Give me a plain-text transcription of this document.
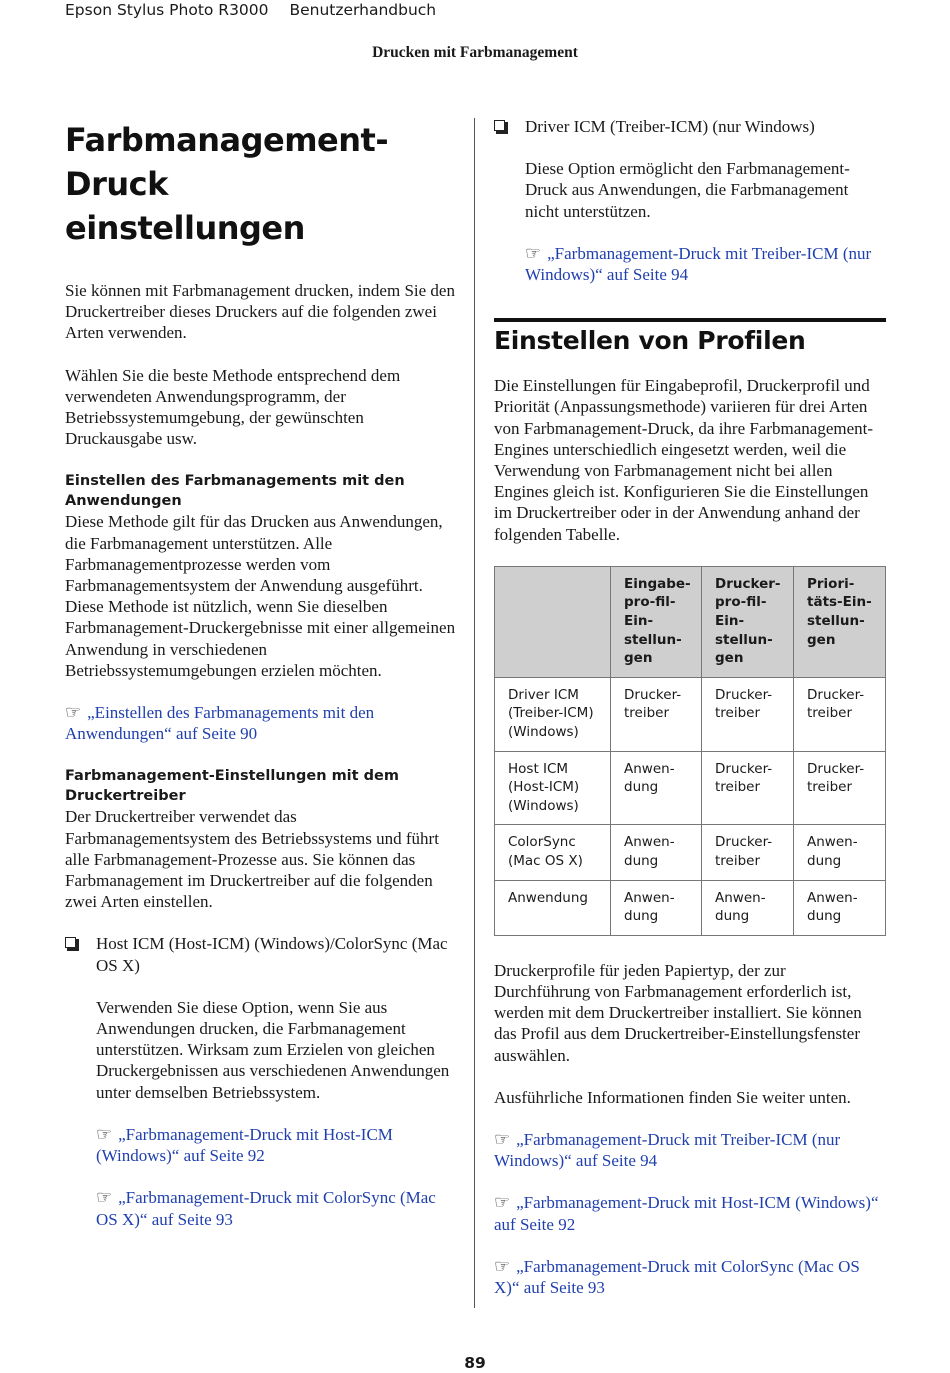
Epson Stylus Photo R3000 Benutzerhandbuch
Drucken mit Farbmanagement
Farbmanagement-Druck
einstellungen

Sie können mit Farbmanagement drucken, indem Sie den Druckertreiber dieses Druckers auf die folgenden zwei Arten verwenden.

Wählen Sie die beste Methode entsprechend dem verwendeten Anwendungsprogramm, der Betriebssystemumgebung, der gewünschten Druckausgabe usw.

Einstellen des Farbmanagements mit den Anwendungen

Diese Methode gilt für das Drucken aus Anwendungen, die Farbmanagement unterstützen. Alle Farbmanagementprozesse werden vom Farbmanagementsystem der Anwendung ausgeführt. Diese Methode ist nützlich, wenn Sie dieselben Farbmanagement-Druckergebnisse mit einer allgemeinen Anwendung in verschiedenen Betriebssystemumgebungen erzielen möchten.

☞ „Einstellen des Farbmanagements mit den Anwendungen“ auf Seite 90

Farbmanagement-Einstellungen mit dem Druckertreiber

Der Druckertreiber verwendet das Farbmanagementsystem des Betriebssystems und führt alle Farbmanagement-Prozesse aus. Sie können das Farbmanagement im Druckertreiber auf die folgenden zwei Arten einstellen.

Host ICM (Host-ICM) (Windows)/ColorSync (Mac OS X)

Verwenden Sie diese Option, wenn Sie aus Anwendungen drucken, die Farbmanagement unterstützen. Wirksam zum Erzielen von gleichen Druckergebnissen aus verschiedenen Anwendungen unter demselben Betriebssystem.

☞ „Farbmanagement-Druck mit Host-ICM (Windows)“ auf Seite 92

☞ „Farbmanagement-Druck mit ColorSync (Mac OS X)“ auf Seite 93

Driver ICM (Treiber-ICM) (nur Windows)

Diese Option ermöglicht den Farbmanagement-Druck aus Anwendungen, die Farbmanagement nicht unterstützen.

☞ „Farbmanagement-Druck mit Treiber-ICM (nur Windows)“ auf Seite 94

Einstellen von Profilen

Die Einstellungen für Eingabeprofil, Druckerprofil und Priorität (Anpassungsmethode) variieren für drei Arten von Farbmanagement-Druck, da ihre Farbmanagement-Engines unterschiedlich eingesetzt werden, weil die Verwendung von Farbmanagement nicht bei allen Engines gleich ist. Konfigurieren Sie die Einstellungen im Druckertreiber oder in der Anwendung anhand der folgenden Tabelle.

	Eingabe-pro-fil-Ein-stellun-gen	Drucker-pro-fil-Ein-stellun-gen	Priori-täts-Ein-stellun-gen
Driver ICM (Treiber-ICM) (Windows)	Drucker-treiber	Drucker-treiber	Drucker-treiber
Host ICM (Host-ICM) (Windows)	Anwen-dung	Drucker-treiber	Drucker-treiber
ColorSync (Mac OS X)	Anwen-dung	Drucker-treiber	Anwen-dung
Anwendung	Anwen-dung	Anwen-dung	Anwen-dung

Druckerprofile für jeden Papiertyp, der zur Durchführung von Farbmanagement erforderlich ist, werden mit dem Druckertreiber installiert. Sie können das Profil aus dem Druckertreiber-Einstellungsfenster auswählen.

Ausführliche Informationen finden Sie weiter unten.

☞ „Farbmanagement-Druck mit Treiber-ICM (nur Windows)“ auf Seite 94

☞ „Farbmanagement-Druck mit Host-ICM (Windows)“ auf Seite 92

☞ „Farbmanagement-Druck mit ColorSync (Mac OS X)“ auf Seite 93

89
